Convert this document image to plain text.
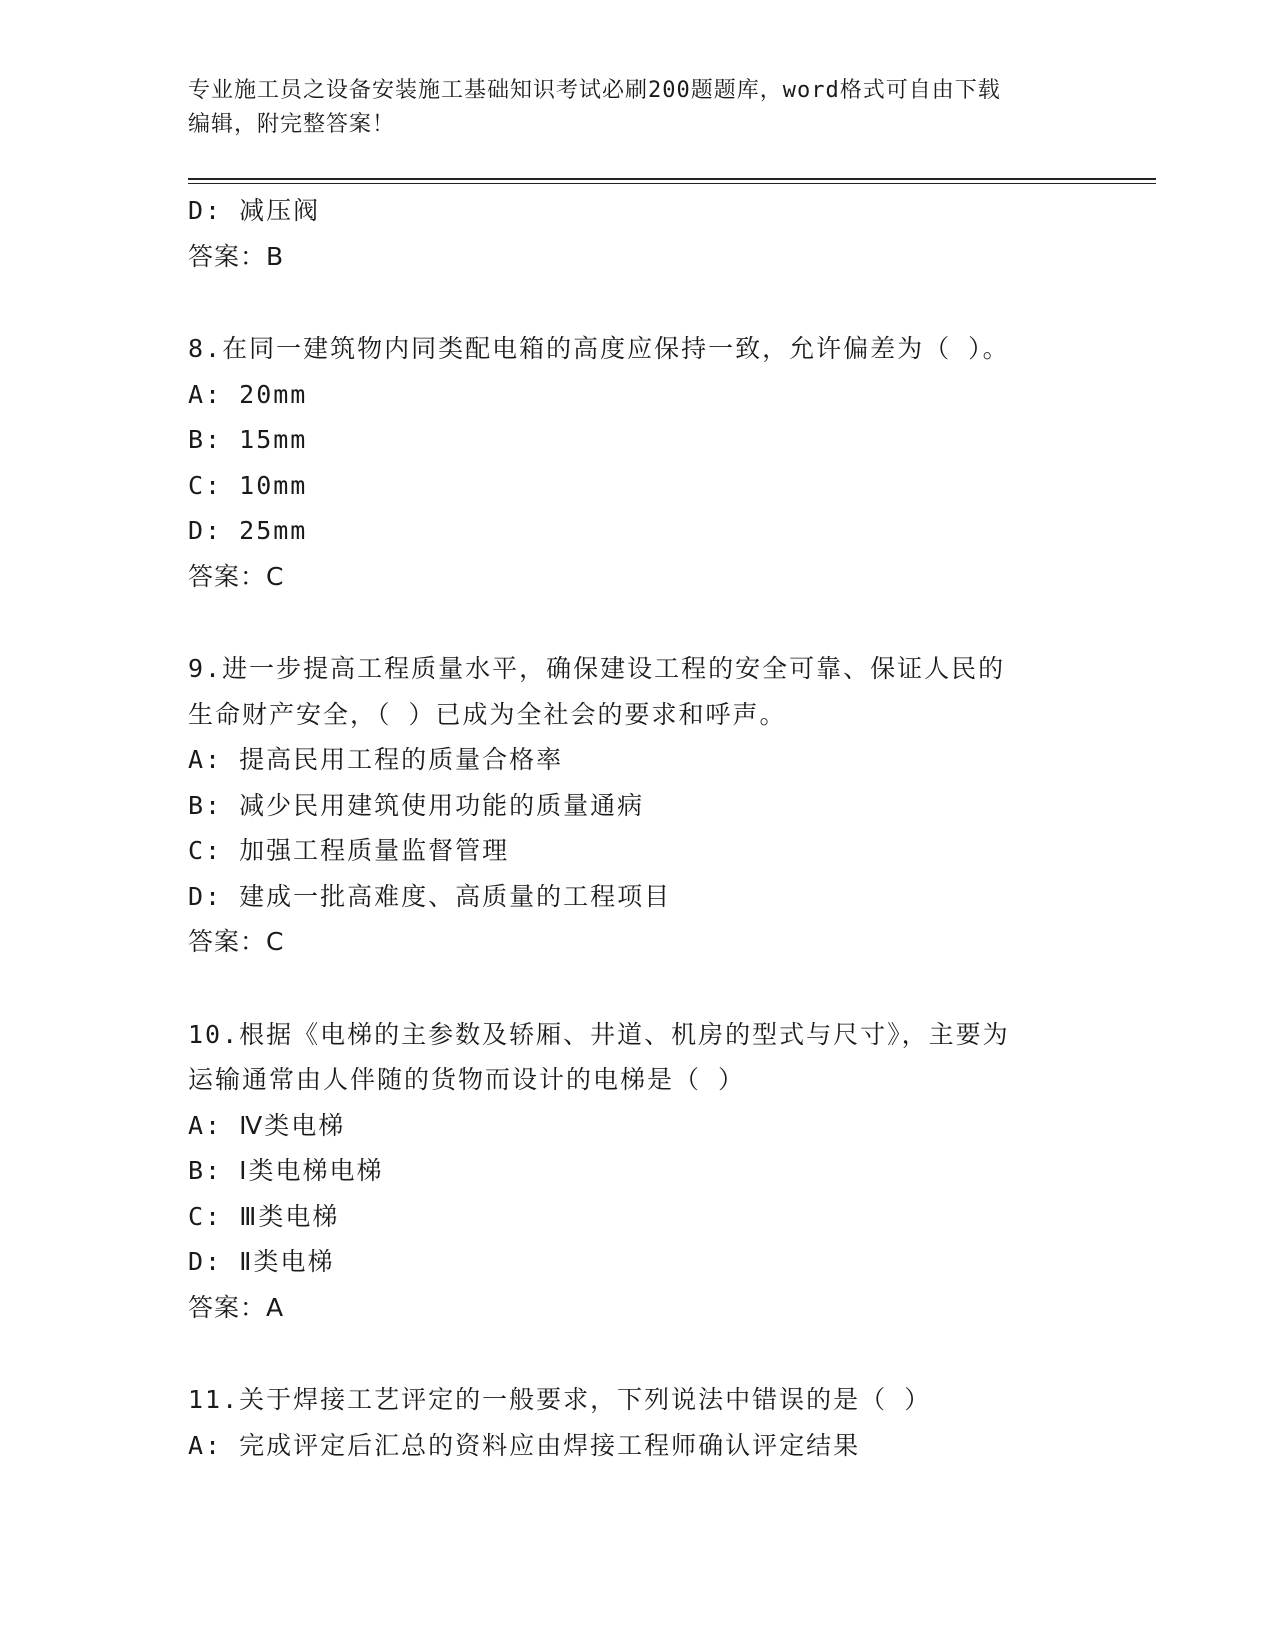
专业施工员之设备安装施工基础知识考试必刷200题题库，word格式可自由下载
编辑，附完整答案！
D: 减压阀
答案：B
8.在同一建筑物内同类配电箱的高度应保持一致，允许偏差为（ ）。
A: 20mm
B: 15mm
C: 10mm
D: 25mm
答案：C
9.进一步提高工程质量水平，确保建设工程的安全可靠、保证人民的
生命财产安全，（ ）已成为全社会的要求和呼声。
A: 提高民用工程的质量合格率
B: 减少民用建筑使用功能的质量通病
C: 加强工程质量监督管理
D: 建成一批高难度、高质量的工程项目
答案：C
10.根据《电梯的主参数及轿厢、井道、机房的型式与尺寸》，主要为
运输通常由人伴随的货物而设计的电梯是（ ）
A: Ⅳ类电梯
B: Ⅰ类电梯电梯
C: Ⅲ类电梯
D: Ⅱ类电梯
答案：A
11.关于焊接工艺评定的一般要求，下列说法中错误的是（ ）
A: 完成评定后汇总的资料应由焊接工程师确认评定结果
